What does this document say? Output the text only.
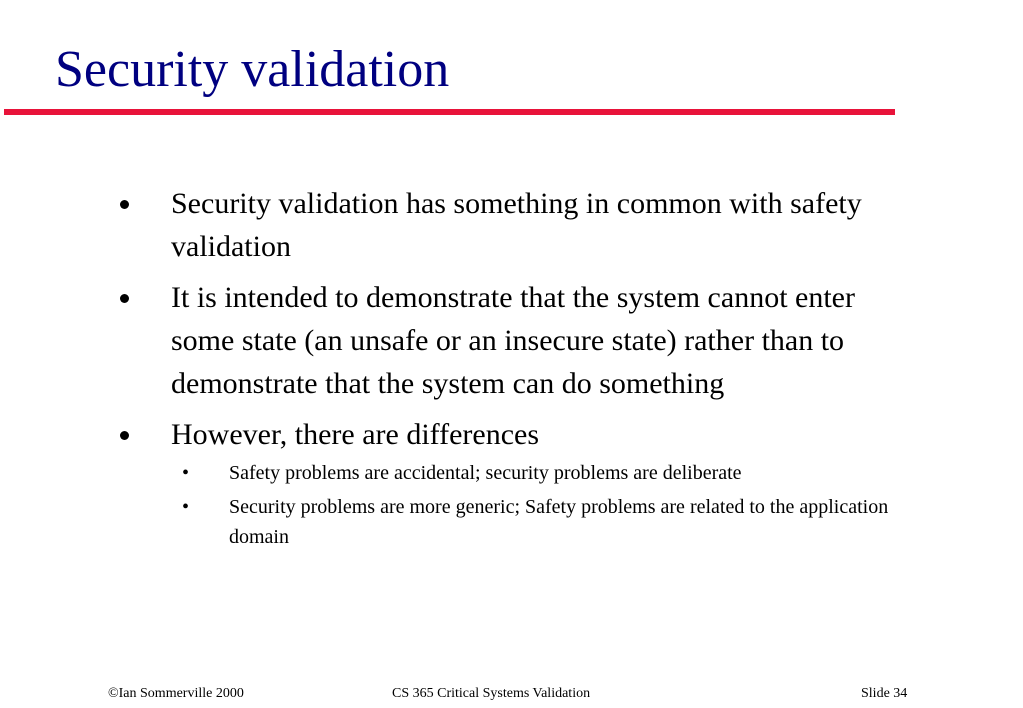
Security validation
Security validation has something in common with safety validation
It is intended to demonstrate that the system cannot enter some state (an unsafe or an insecure state) rather than to demonstrate that the system can do something
However, there are differences
• Safety problems are accidental; security problems are deliberate
• Security problems are more generic; Safety problems are related to the application domain
©Ian Sommerville 2000	CS 365 Critical Systems Validation	Slide 34
